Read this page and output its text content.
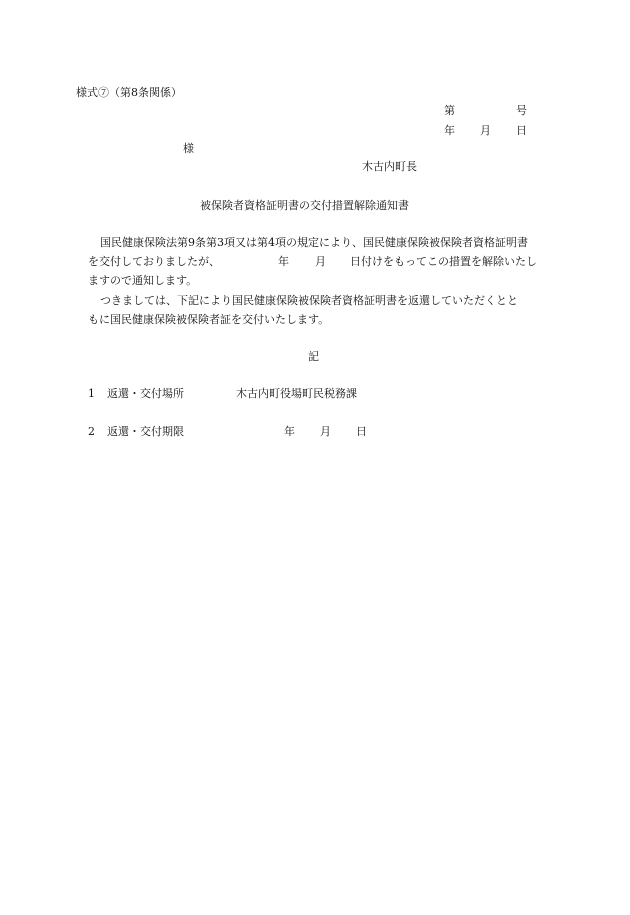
様式⑦（第8条関係）
第	号
年 月 日
様
木古内町長
被保険者資格証明書の交付措置解除通知書
国民健康保険法第9条第3項又は第4項の規定により、国民健康保険被保険者資格証明書
を交付しておりましたが、	年 月 日付けをもってこの措置を解除いたし
ますので通知します。
つきましては、下記により国民健康保険被保険者資格証明書を返還していただくとと
もに国民健康保険被保険者証を交付いたします。
記
1 返還・交付場所	木古内町役場町民税務課
2 返還・交付期限	年 月 日
